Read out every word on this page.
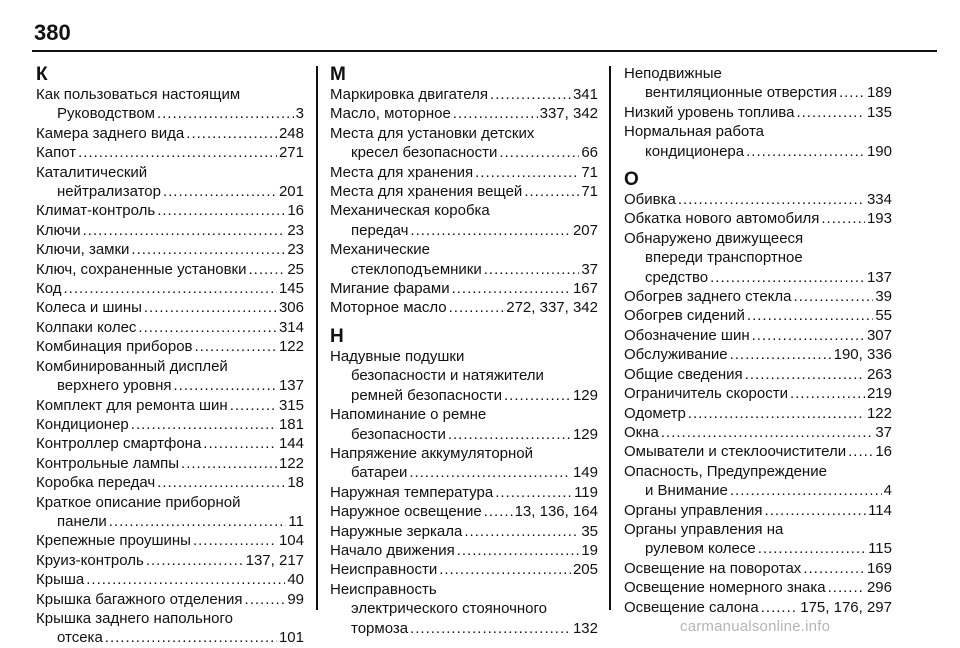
380
К
Как пользоваться настоящим
Руководством .....	3
Камера заднего вида .....	248
Капот .....	271
Каталитический
нейтрализатор .....	201
Климат-контроль .....	16
Ключи .....	23
Ключи, замки .....	23
Ключ, сохраненные установки .....	25
Код .....	145
Колеса и шины .....	306
Колпаки колес .....	314
Комбинация приборов .....	122
Комбинированный дисплей
верхнего уровня .....	137
Комплект для ремонта шин .....	315
Кондиционер .....	181
Контроллер смартфона .....	144
Контрольные лампы .....	122
Коробка передач .....	18
Краткое описание приборной
панели .....	11
Крепежные проушины .....	104
Круиз-контроль .....	137, 217
Крыша .....	40
Крышка багажного отделения .....	99
Крышка заднего напольного
отсека .....	101
М
Маркировка двигателя .....	341
Масло, моторное .....	337, 342
Места для установки детских
кресел безопасности .....	66
Места для хранения .....	71
Места для хранения вещей .....	71
Механическая коробка
передач .....	207
Механические
стеклоподъемники .....	37
Мигание фарами .....	167
Моторное масло .....	272, 337, 342
Н
Надувные подушки
безопасности и натяжители
ремней безопасности .....	129
Напоминание о ремне
безопасности .....	129
Напряжение аккумуляторной
батареи .....	149
Наружная температура .....	119
Наружное освещение ..... 13, 136, 164
Наружные зеркала .....	35
Начало движения .....	19
Неисправности .....	205
Неисправность
электрического стояночного
тормоза .....	132
Неподвижные
вентиляционные отверстия ..... 189
Низкий уровень топлива .....	135
Нормальная работа
кондиционера .....	190
О
Обивка .....	334
Обкатка нового автомобиля .....	193
Обнаружено движущееся
впереди транспортное
средство .....	137
Обогрев заднего стекла .....	39
Обогрев сидений .....	55
Обозначение шин .....	307
Обслуживание .....	190, 336
Общие сведения .....	263
Ограничитель скорости .....	219
Одометр .....	122
Окна .....	37
Омыватели и стеклоочистители ..... 16
Опасность, Предупреждение
и Внимание .....	4
Органы управления .....	114
Органы управления на
рулевом колесе .....	115
Освещение на поворотах .....	169
Освещение номерного знака .....	296
Освещение салона .....	175, 176, 297
carmanualsonline.info
